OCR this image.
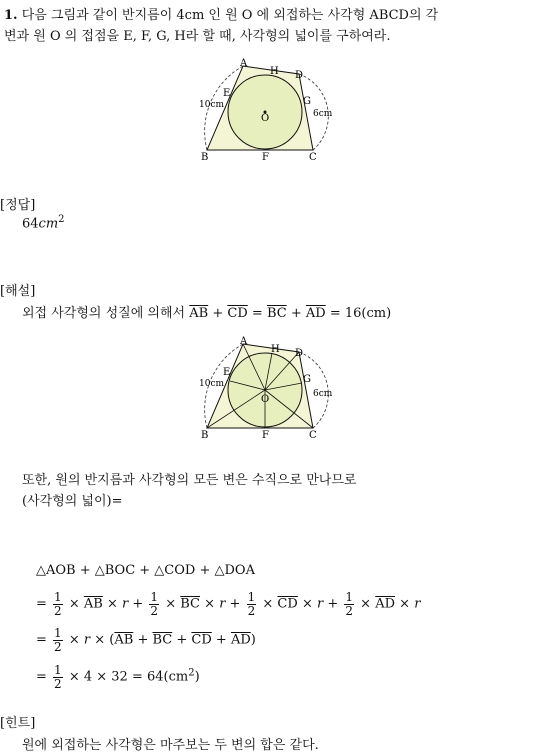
1. 다음 그림과 같이 반지름이 4cm 인 원 O 에 외접하는 사각형 ABCD의 각
변과 원 O 의 접점을 E, F, G, H라 할 때, 사각형의 넓이를 구하여라.
A
B	C
D
E
F
G
H
O
10cm
6cm
[정답]
$64cm^2$
[해설]
외접 사각형의 성질에 의해서 $\overline{AB} + \overline{CD} = \overline{BC} + \overline{AD} = 16(cm)$
A
B	C
D
E
F
G
H
O
10cm
6cm
또한, 원의 반지름과 사각형의 모든 변은 수직으로 만나므로
(사각형의 넓이)=
△AOB + △BOC + △COD + △DOA
= $\frac{1}{2} \times \overline{AB} \times r + \frac{1}{2} \times \overline{BC} \times r + \frac{1}{2} \times \overline{CD} \times r + \frac{1}{2} \times \overline{AD} \times r$
= $\frac{1}{2} \times r \times (\overline{AB} + \overline{BC} + \overline{CD} + \overline{AD})$
= $\frac{1}{2} \times 4 \times 32 = 64(cm^2)$
[힌트]
원에 외접하는 사각형은 마주보는 두 변의 합은 같다.
